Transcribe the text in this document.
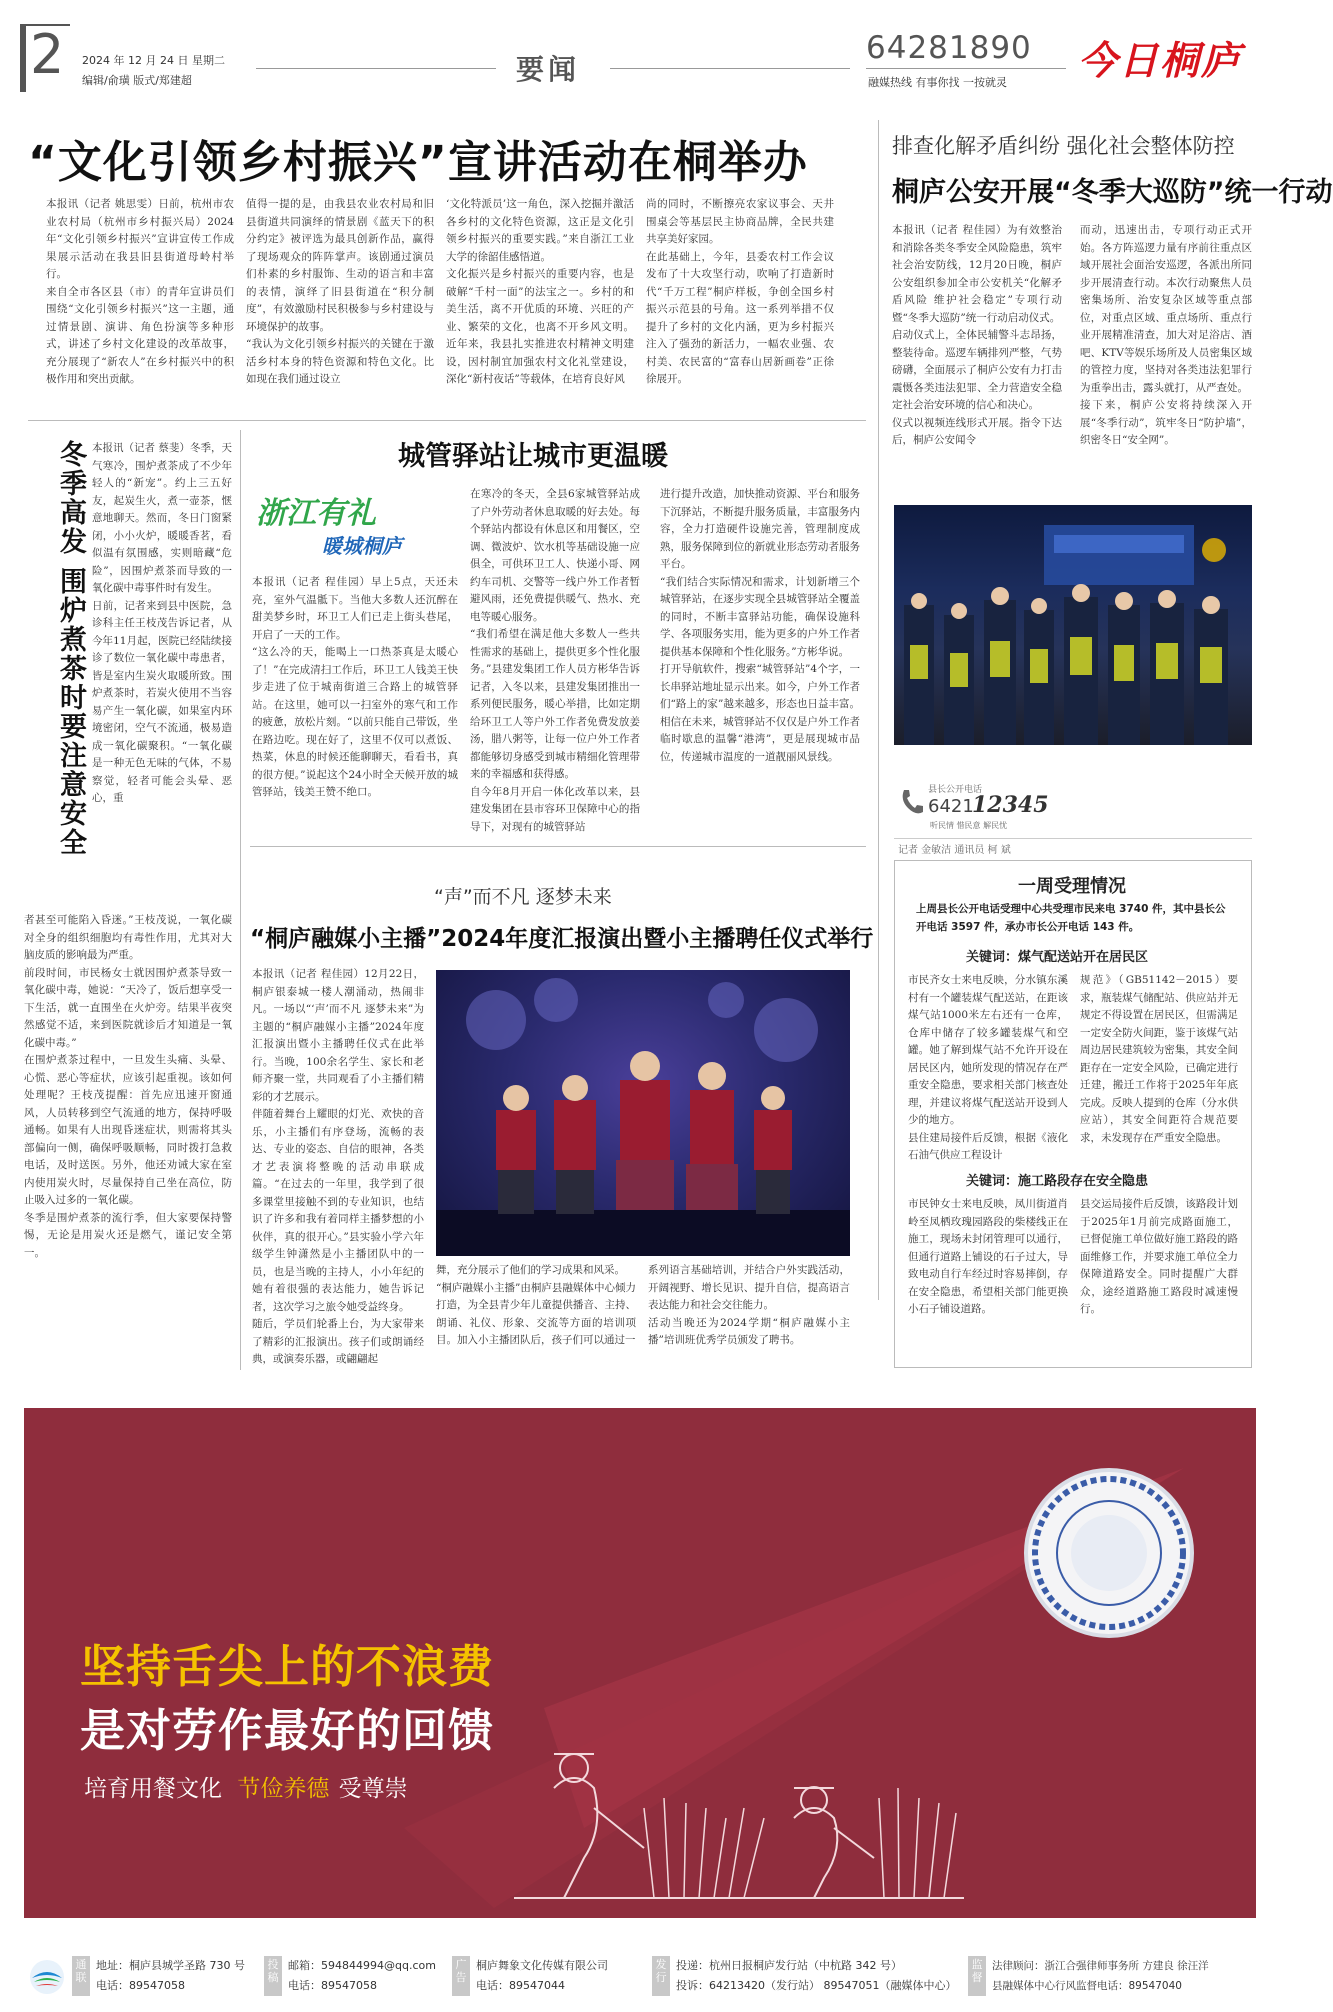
2 2024 年 12 月 24 日 星期二
编辑/俞璜 版式/郑建超	要闻
64281890
融媒热线 有事你找 一按就灵 今日桐庐
“文化引领乡村振兴”宣讲活动在桐举办
本报讯（记者 姚思雯）日前，杭州市农业农村局（杭州市乡村振兴局）2024年“文化引领乡村振兴”宣讲宣传工作成果展示活动在我县旧县街道母岭村举行。
来自全市各区县（市）的青年宣讲员们围绕“文化引领乡村振兴”这一主题，通过情景剧、演讲、角色扮演等多种形式，讲述了乡村文化建设的改革故事，充分展现了“新农人”在乡村振兴中的积极作用和突出贡献。
值得一提的是，由我县农业农村局和旧县街道共同演绎的情景剧《蓝天下的积分约定》被评选为最具创新作品，赢得了现场观众的阵阵掌声。该剧通过演员们朴素的乡村服饰、生动的语言和丰富的表情，演绎了旧县街道在“积分制度”，有效激励村民积极参与乡村建设与环境保护的故事。
“我认为文化引领乡村振兴的关键在于激活乡村本身的特色资源和特色文化。比如现在我们通过设立
‘文化特派员’这一角色，深入挖掘并激活各乡村的文化特色资源，这正是文化引领乡村振兴的重要实践。”来自浙江工业大学的徐韶佳感悟道。
文化振兴是乡村振兴的重要内容，也是破解“千村一面”的法宝之一。乡村的和美生活，离不开优质的环境、兴旺的产业、繁荣的文化，也离不开乡风文明。近年来，我县扎实推进农村精神文明建设，因村制宜加强农村文化礼堂建设，深化“新村夜话”等载体，在培育良好风
尚的同时，不断擦亮农家议事会、天井围桌会等基层民主协商品牌，全民共建共享美好家园。
在此基础上，今年，县委农村工作会议发布了十大攻坚行动，吹响了打造新时代“千万工程”桐庐样板，争创全国乡村振兴示范县的号角。这一系列举措不仅提升了乡村的文化内涵，更为乡村振兴注入了强劲的新活力，一幅农业强、农村美、农民富的“富春山居新画卷”正徐徐展开。
排查化解矛盾纠纷 强化社会整体防控
桐庐公安开展“冬季大巡防”统一行动
本报讯（记者 程佳园）为有效整治和消除各类冬季安全风险隐患，筑牢社会治安防线，12月20日晚，桐庐公安组织参加全市公安机关“化解矛盾风险 维护社会稳定”专项行动暨“冬季大巡防”统一行动启动仪式。
启动仪式上，全体民辅警斗志昂扬，整装待命。巡逻车辆排列严整，气势磅礴，全面展示了桐庐公安有力打击震慑各类违法犯罪、全力营造安全稳定社会治安环境的信心和决心。
仪式以视频连线形式开展。指令下达后，桐庐公安闻令
而动，迅速出击，专项行动正式开始。各方阵巡逻力量有序前往重点区域开展社会面治安巡逻，各派出所同步开展清查行动。本次行动聚焦人员密集场所、治安复杂区域等重点部位，对重点区域、重点场所、重点行业开展精准清查，加大对足浴店、酒吧、KTV等娱乐场所及人员密集区域的管控力度，坚持对各类违法犯罪行为重拳出击，露头就打，从严查处。
接下来，桐庐公安将持续深入开展“冬季行动”，筑牢冬日“防护墙”，织密冬日“安全网”。
冬季高发 围炉煮茶时要注意安全 本报讯（记者 蔡斐）冬季，天气寒冷，围炉煮茶成了不少年轻人的“新宠”。约上三五好友，起炭生火，煮一壶茶，惬意地聊天。然而，冬日门窗紧闭，小小火炉，暖暖香茗，看似温有氛围感，实则暗藏“危险”，因围炉煮茶而导致的一氧化碳中毒事件时有发生。
日前，记者来到县中医院，急诊科主任王枝茂告诉记者，从今年11月起，医院已经陆续接诊了数位一氧化碳中毒患者，皆是室内生炭火取暖所致。围炉煮茶时，若炭火使用不当容易产生一氧化碳，如果室内环境密闭，空气不流通，极易造成一氧化碳聚积。“一氧化碳是一种无色无味的气体，不易察觉，轻者可能会头晕、恶心，重
者甚至可能陷入昏迷。”王枝茂说，一氧化碳对全身的组织细胞均有毒性作用，尤其对大脑皮质的影响最为严重。
前段时间，市民杨女士就因围炉煮茶导致一氧化碳中毒，她说：“天冷了，饭后想享受一下生活，就一直围坐在火炉旁。结果半夜突然感觉不适，来到医院就诊后才知道是一氧化碳中毒。”
在围炉煮茶过程中，一旦发生头痛、头晕、心慌、恶心等症状，应该引起重视。该如何处理呢？王枝茂提醒：首先应迅速开窗通风，人员转移到空气流通的地方，保持呼吸通畅。如果有人出现昏迷症状，则需将其头部偏向一侧，确保呼吸顺畅，同时拨打急救电话，及时送医。另外，他还劝诫大家在室内使用炭火时，尽量保持自己坐在高位，防止吸入过多的一氧化碳。
冬季是围炉煮茶的流行季，但大家要保持警惕，无论是用炭火还是燃气，谨记安全第一。
城管驿站让城市更温暖
浙江有礼
暖城桐庐
本报讯（记者 程佳园）早上5点，天还未亮，室外气温骶下。当他大多数人还沉醉在甜美梦乡时，环卫工人们已走上街头巷尾，开启了一天的工作。
“这么冷的天，能喝上一口热茶真是太暖心了！”在完成清扫工作后，环卫工人钱美王快步走进了位于城南街道三合路上的城管驿站。在这里，她可以一扫室外的寒气和工作的疲惫，放松片刻。“以前只能自己带饭，坐在路边吃。现在好了，这里不仅可以煮饭、热菜，休息的时候还能聊聊天，看看书，真的很方便。”说起这个24小时全天候开放的城管驿站，钱美王赞不绝口。
在寒冷的冬天，全县6家城管驿站成了户外劳动者休息取暖的好去处。每个驿站内都设有休息区和用餐区，空调、微波炉、饮水机等基础设施一应俱全，可供环卫工人、快递小哥、网约车司机、交警等一线户外工作者暂避风雨，还免费提供暖气、热水、充电等暖心服务。
“我们希望在满足他大多数人一些共性需求的基础上，提供更多个性化服务。”县建发集团工作人员方彬华告诉记者，入冬以来，县建发集团推出一系列便民服务，暖心举措，比如定期给环卫工人等户外工作者免费发放姜汤，腊八粥等，让每一位户外工作者都能够切身感受到城市精细化管理带来的幸福感和获得感。
自今年8月开启一体化改革以来，县建发集团在县市容环卫保障中心的指导下，对现有的城管驿站
进行提升改造，加快推动资源、平台和服务下沉驿站，不断提升服务质量，丰富服务内容，全力打造硬件设施完善，管理制度成熟，服务保障到位的新就业形态劳动者服务平台。
“我们结合实际情况和需求，计划新增三个城管驿站，在逐步实现全县城管驿站全覆盖的同时，不断丰富驿站功能，确保设施科学、各项服务实用，能为更多的户外工作者提供基本保障和个性化服务。”方彬华说。
打开导航软件，搜索“城管驿站”4个字，一长串驿站地址显示出来。如今，户外工作者们“路上的家”越来越多，形态也日益丰富。相信在未来，城管驿站不仅仅是户外工作者临时歇息的温馨“港湾”，更是展现城市品位，传递城市温度的一道靓丽风景线。
“声”而不凡 逐梦未来
“桐庐融媒小主播”2024年度汇报演出暨小主播聘任仪式举行
本报讯（记者 程佳园）12月22日，桐庐银泰城一楼人潮涌动，热闹非凡。一场以“‘声’而不凡 逐梦未来”为主题的“桐庐融媒小主播”2024年度汇报演出暨小主播聘任仪式在此举行。当晚，100余名学生、家长和老师齐聚一堂，共同观看了小主播们精彩的才艺展示。
伴随着舞台上耀眼的灯光、欢快的音乐，小主播们有序登场，流畅的表达、专业的姿态、自信的眼神，各类才艺表演将整晚的活动串联成篇。“在过去的一年里，我学到了很多课堂里接触不到的专业知识，也结识了许多和我有着同样主播梦想的小伙伴，真的很开心。”县实验小学六年级学生钟潇然是小主播团队中的一员，也是当晚的主持人，小小年纪的她有着很强的表达能力，她告诉记者，这次学习之旅令她受益终身。
随后，学员们轮番上台，为大家带来了精彩的汇报演出。孩子们或朗诵经典，或演奏乐器，或翩翩起
舞，充分展示了他们的学习成果和风采。
“桐庐融媒小主播”由桐庐县融媒体中心倾力打造，为全县青少年儿童提供播音、主持、朗诵、礼仪、形象、交流等方面的培训项目。加入小主播团队后，孩子们可以通过一
系列语言基础培训，并结合户外实践活动，开阔视野、增长见识、提升自信，提高语言表达能力和社会交往能力。
活动当晚还为2024学期“桐庐融媒小主播”培训班优秀学员颁发了聘书。
县长公开电话
6421
12345
听民情 惜民意 解民忧
记者 金敏洁 通讯员 柯 斌
一周受理情况
上周县长公开电话受理中心共受理市民来电 3740 件，其中县长公开电话 3597 件，承办市长公开电话 143 件。
关键词：煤气配送站开在居民区
市民齐女士来电反映，分水镇东溪村有一个罐装煤气配送站，在距该煤气站1000米左右还有一仓库，仓库中储存了较多罐装煤气和空罐。她了解到煤气站不允许开设在居民区内，她所发现的情况存在严重安全隐患，要求相关部门核查处理，并建议将煤气配送站开设到人少的地方。
县住建局接件后反馈，根据《液化石油气供应工程设计
规范》（GB51142－2015）要求，瓶装煤气储配站、供应站并无规定不得设置在居民区，但需满足一定安全防火间距，鉴于该煤气站周边居民建筑较为密集，其安全间距存在一定安全风险，已确定进行迁建，搬迁工作将于2025年年底完成。反映人提到的仓库（分水供应站），其安全间距符合规范要求，未发现存在严重安全隐患。
关键词：施工路段存在安全隐患
市民钟女士来电反映，凤川街道肖岭至凤栖玫瑰园路段的柴楼线正在施工，现场未封闭管理可以通行，但通行道路上铺设的石子过大，导致电动自行车经过时容易摔倒，存在安全隐患，希望相关部门能更换小石子铺设道路。
县交运局接件后反馈，该路段计划于2025年1月前完成路面施工，已督促施工单位做好施工路段的路面维修工作，并要求施工单位全力保障道路安全。同时提醒广大群众，途经道路施工路段时减速慢行。
坚持舌尖上的不浪费
是对劳作最好的回馈
培育用餐文化 节俭养德 受尊崇
通联
地址：桐庐县城学圣路 730 号
电话：89547058
投稿
邮箱：594844994@qq.com
电话：89547058
广告
桐庐舞象文化传媒有限公司
电话：89547044
发行
投递：杭州日报桐庐发行站（中杭路 342 号）
投诉：64213420（发行站） 89547051（融媒体中心）
监督
法律顾问：浙江合强律师事务所 方建良 徐汪洋
县融媒体中心行风监督电话：89547040
